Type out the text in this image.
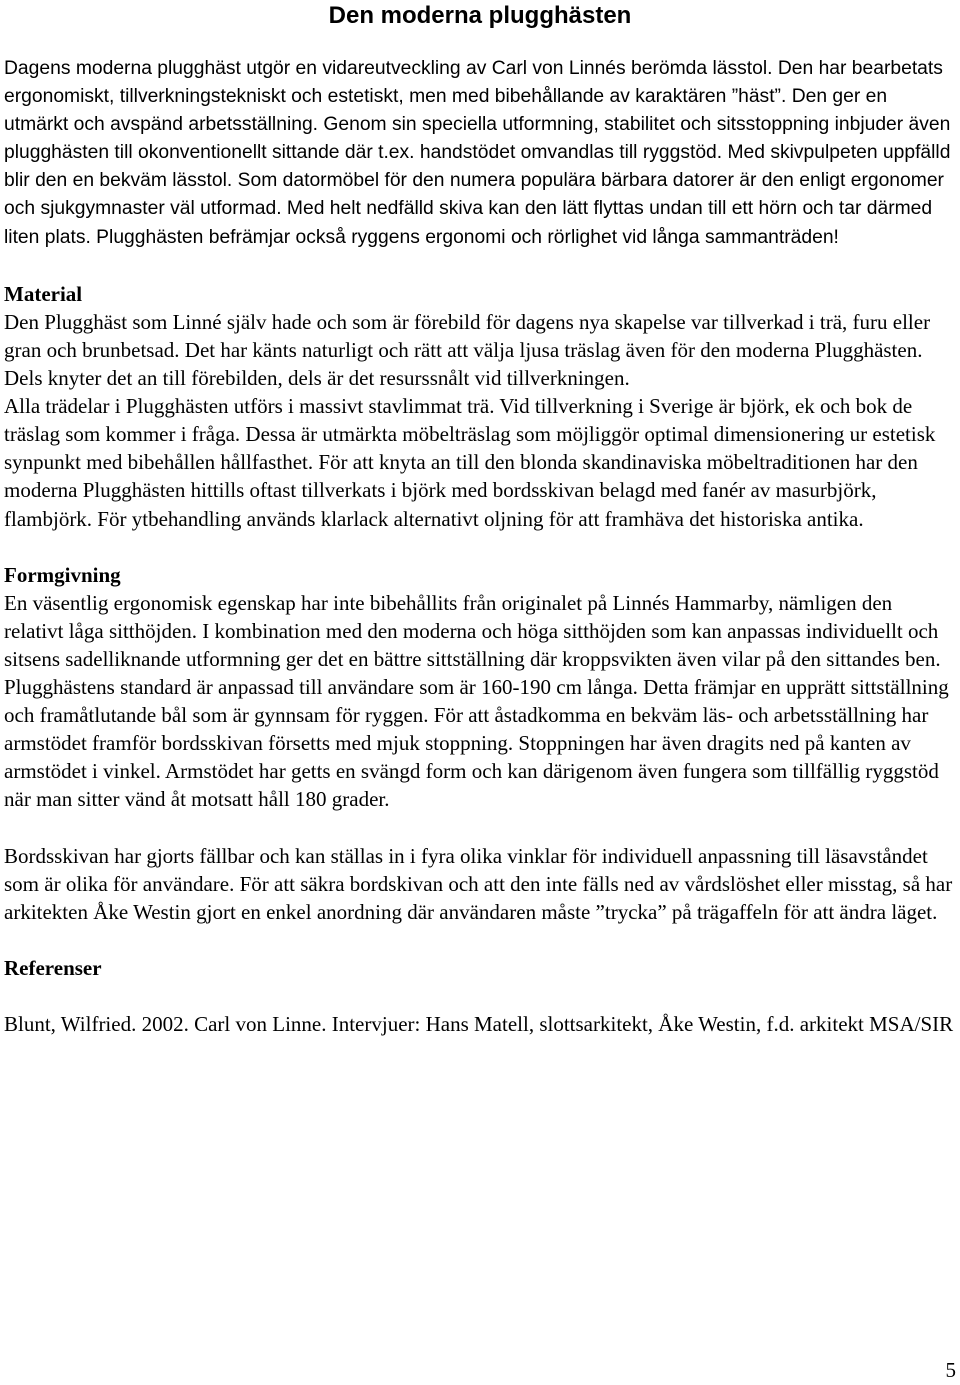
Den moderna plugghästen

Dagens moderna plugghäst utgör en vidareutveckling av Carl von Linnés berömda lässtol. Den har bearbetats ergonomiskt, tillverkningstekniskt och estetiskt, men med bibehållande av karaktären ”häst”. Den ger en utmärkt och avspänd arbetsställning. Genom sin speciella utformning, stabilitet och sitsstoppning inbjuder även plugghästen till okonventionellt sittande där t.ex. handstödet omvandlas till ryggstöd. Med skivpulpeten uppfälld blir den en bekväm lässtol. Som datormöbel för den numera populära bärbara datorer är den enligt ergonomer och sjukgymnaster väl utformad. Med helt nedfälld skiva kan den lätt flyttas undan till ett hörn och tar därmed liten plats. Plugghästen befrämjar också ryggens ergonomi och rörlighet vid långa sammanträden!

Material

Den Plugghäst som Linné själv hade och som är förebild för dagens nya skapelse var tillverkad i trä, furu eller gran och brunbetsad. Det har känts naturligt och rätt att välja ljusa träslag även för den moderna Plugghästen. Dels knyter det an till förebilden, dels är det resurssnålt vid tillverkningen.

Alla trädelar i Plugghästen utförs i massivt stavlimmat trä. Vid tillverkning i Sverige är björk, ek och bok de träslag som kommer i fråga. Dessa är utmärkta möbelträslag som möjliggör optimal dimensionering ur estetisk synpunkt med bibehållen hållfasthet. För att knyta an till den blonda skandinaviska möbeltraditionen har den moderna Plugghästen hittills oftast tillverkats i björk med bordsskivan belagd med fanér av masurbjörk, flambjörk. För ytbehandling används klarlack alternativt oljning för att framhäva det historiska antika.

Formgivning

En väsentlig ergonomisk egenskap har inte bibehållits från originalet på Linnés Hammarby, nämligen den relativt låga sitthöjden. I kombination med den moderna och höga sitthöjden som kan anpassas individuellt och sitsens sadelliknande utformning ger det en bättre sittställning där kroppsvikten även vilar på den sittandes ben. Plugghästens standard är anpassad till användare som är 160-190 cm långa. Detta främjar en upprätt sittställning och framåtlutande bål som är gynnsam för ryggen. För att åstadkomma en bekväm läs- och arbetsställning har armstödet framför bordsskivan försetts med mjuk stoppning. Stoppningen har även dragits ned på kanten av armstödet i vinkel. Armstödet har getts en svängd form och kan därigenom även fungera som tillfällig ryggstöd när man sitter vänd åt motsatt håll 180 grader.

Bordsskivan har gjorts fällbar och kan ställas in i fyra olika vinklar för individuell anpassning till läsavståndet som är olika för användare. För att säkra bordskivan och att den inte fälls ned av vårdslöshet eller misstag, så har arkitekten Åke Westin gjort en enkel anordning där användaren måste ”trycka” på trägaffeln för att ändra läget.

Referenser

Blunt, Wilfried. 2002. Carl von Linne. Intervjuer: Hans Matell, slottsarkitekt, Åke Westin, f.d. arkitekt MSA/SIR

5
